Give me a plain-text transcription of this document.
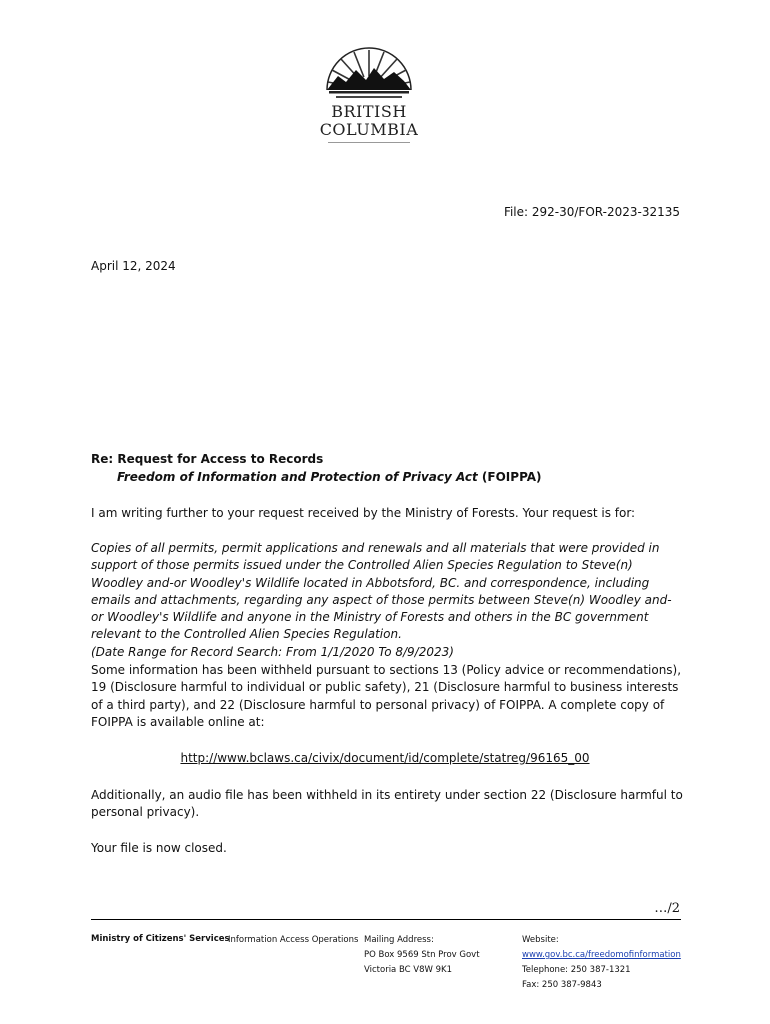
BRITISH
COLUMBIA
File: 292-30/FOR-2023-32135
April 12, 2024
Re: Request for Access to Records
Freedom of Information and Protection of Privacy Act (FOIPPA)

I am writing further to your request received by the Ministry of Forests. Your request is for:

Copies of all permits, permit applications and renewals and all materials that were provided in support of those permits issued under the Controlled Alien Species Regulation to Steve(n) Woodley and-or Woodley's Wildlife located in Abbotsford, BC. and correspondence, including emails and attachments, regarding any aspect of those permits between Steve(n) Woodley and-or Woodley's Wildlife and anyone in the Ministry of Forests and others in the BC government relevant to the Controlled Alien Species Regulation.
(Date Range for Record Search: From 1/1/2020 To 8/9/2023)

Some information has been withheld pursuant to sections 13 (Policy advice or recommendations), 19 (Disclosure harmful to individual or public safety), 21 (Disclosure harmful to business interests of a third party), and 22 (Disclosure harmful to personal privacy) of FOIPPA. A complete copy of FOIPPA is available online at:

http://www.bclaws.ca/civix/document/id/complete/statreg/96165_00

Additionally, an audio file has been withheld in its entirety under section 22 (Disclosure harmful to personal privacy).

Your file is now closed.

…/2
Ministry of Citizens' Services
Information Access Operations Mailing Address:
PO Box 9569 Stn Prov Govt
Victoria BC V8W 9K1
Website:
www.gov.bc.ca/freedomofinformation
Telephone: 250 387-1321
Fax: 250 387-9843
